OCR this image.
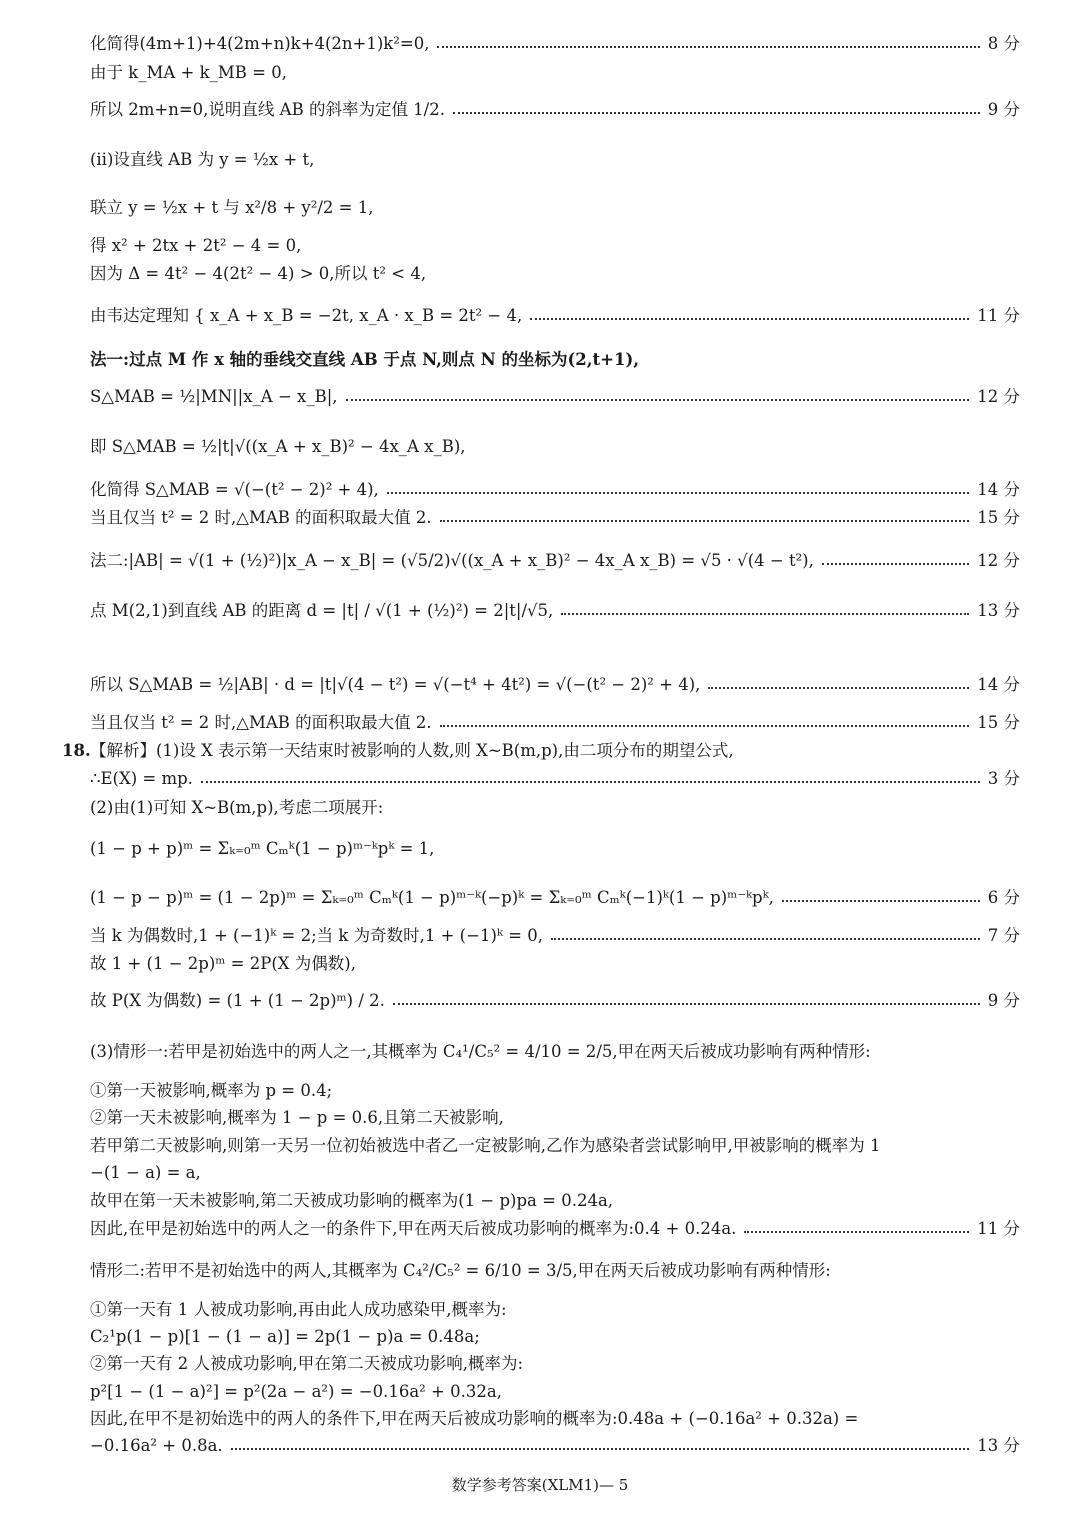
化简得(4m+1)+4(2m+n)k+4(2n+1)k²=0,	8 分
由于 k_MA + k_MB = 0,
所以 2m+n=0,说明直线 AB 的斜率为定值 1/2.	9 分
(ⅱ)设直线 AB 为 y = ½x + t,
联立 y = ½x + t 与 x²/8 + y²/2 = 1,
得 x² + 2tx + 2t² − 4 = 0,
因为 Δ = 4t² − 4(2t² − 4) > 0,所以 t² < 4,
由韦达定理知 { x_A + x_B = −2t, x_A · x_B = 2t² − 4,	11 分
法一:过点 M 作 x 轴的垂线交直线 AB 于点 N,则点 N 的坐标为(2,t+1),
S△MAB = ½|MN||x_A − x_B|,	12 分
即 S△MAB = ½|t|√((x_A + x_B)² − 4x_A x_B),
化简得 S△MAB = √(−(t² − 2)² + 4),	14 分
当且仅当 t² = 2 时,△MAB 的面积取最大值 2.	15 分
法二:|AB| = √(1 + (½)²)|x_A − x_B| = (√5/2)√((x_A + x_B)² − 4x_A x_B) = √5 · √(4 − t²),	12 分
点 M(2,1)到直线 AB 的距离 d = |t| / √(1 + (½)²) = 2|t|/√5,	13 分
所以 S△MAB = ½|AB| · d = |t|√(4 − t²) = √(−t⁴ + 4t²) = √(−(t² − 2)² + 4),	14 分
当且仅当 t² = 2 时,△MAB 的面积取最大值 2.	15 分
18. 【解析】(1)设 X 表示第一天结束时被影响的人数,则 X~B(m,p),由二项分布的期望公式,
∴E(X) = mp.	3 分
(2)由(1)可知 X~B(m,p),考虑二项展开:
(1 − p + p)ᵐ = Σₖ₌₀ᵐ Cₘᵏ(1 − p)ᵐ⁻ᵏpᵏ = 1,
(1 − p − p)ᵐ = (1 − 2p)ᵐ = Σₖ₌₀ᵐ Cₘᵏ(1 − p)ᵐ⁻ᵏ(−p)ᵏ = Σₖ₌₀ᵐ Cₘᵏ(−1)ᵏ(1 − p)ᵐ⁻ᵏpᵏ,	6 分
当 k 为偶数时,1 + (−1)ᵏ = 2;当 k 为奇数时,1 + (−1)ᵏ = 0,	7 分
故 1 + (1 − 2p)ᵐ = 2P(X 为偶数),
故 P(X 为偶数) = (1 + (1 − 2p)ᵐ) / 2.	9 分
(3)情形一:若甲是初始选中的两人之一,其概率为 C₄¹/C₅² = 4/10 = 2/5,甲在两天后被成功影响有两种情形:
①第一天被影响,概率为 p = 0.4;
②第一天未被影响,概率为 1 − p = 0.6,且第二天被影响,
若甲第二天被影响,则第一天另一位初始被选中者乙一定被影响,乙作为感染者尝试影响甲,甲被影响的概率为 1
−(1 − a) = a,
故甲在第一天未被影响,第二天被成功影响的概率为(1 − p)pa = 0.24a,
因此,在甲是初始选中的两人之一的条件下,甲在两天后被成功影响的概率为:0.4 + 0.24a.	11 分
情形二:若甲不是初始选中的两人,其概率为 C₄²/C₅² = 6/10 = 3/5,甲在两天后被成功影响有两种情形:
①第一天有 1 人被成功影响,再由此人成功感染甲,概率为:
C₂¹p(1 − p)[1 − (1 − a)] = 2p(1 − p)a = 0.48a;
②第一天有 2 人被成功影响,甲在第二天被成功影响,概率为:
p²[1 − (1 − a)²] = p²(2a − a²) = −0.16a² + 0.32a,
因此,在甲不是初始选中的两人的条件下,甲在两天后被成功影响的概率为:0.48a + (−0.16a² + 0.32a) =
−0.16a² + 0.8a.	13 分
数学参考答案(XLM1)— 5
